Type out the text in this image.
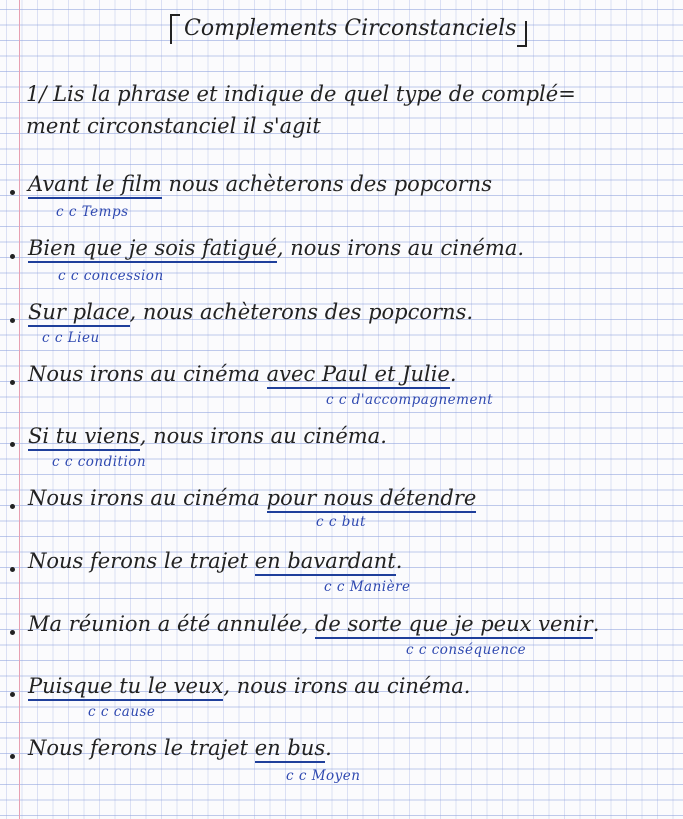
Complements Circonstanciels
1/ Lis la phrase et indique de quel type de complé=
ment circonstanciel il s'agit
Avant le film nous achèterons des popcorns
c c Temps
Bien que je sois fatigué, nous irons au cinéma.
c c concession
Sur place, nous achèterons des popcorns.
c c Lieu
Nous irons au cinéma avec Paul et Julie.
c c d'accompagnement
Si tu viens, nous irons au cinéma.
c c condition
Nous irons au cinéma pour nous détendre
c c but
Nous ferons le trajet en bavardant.
c c Manière
Ma réunion a été annulée, de sorte que je peux venir.
c c conséquence
Puisque tu le veux, nous irons au cinéma.
c c cause
Nous ferons le trajet en bus.
c c Moyen
